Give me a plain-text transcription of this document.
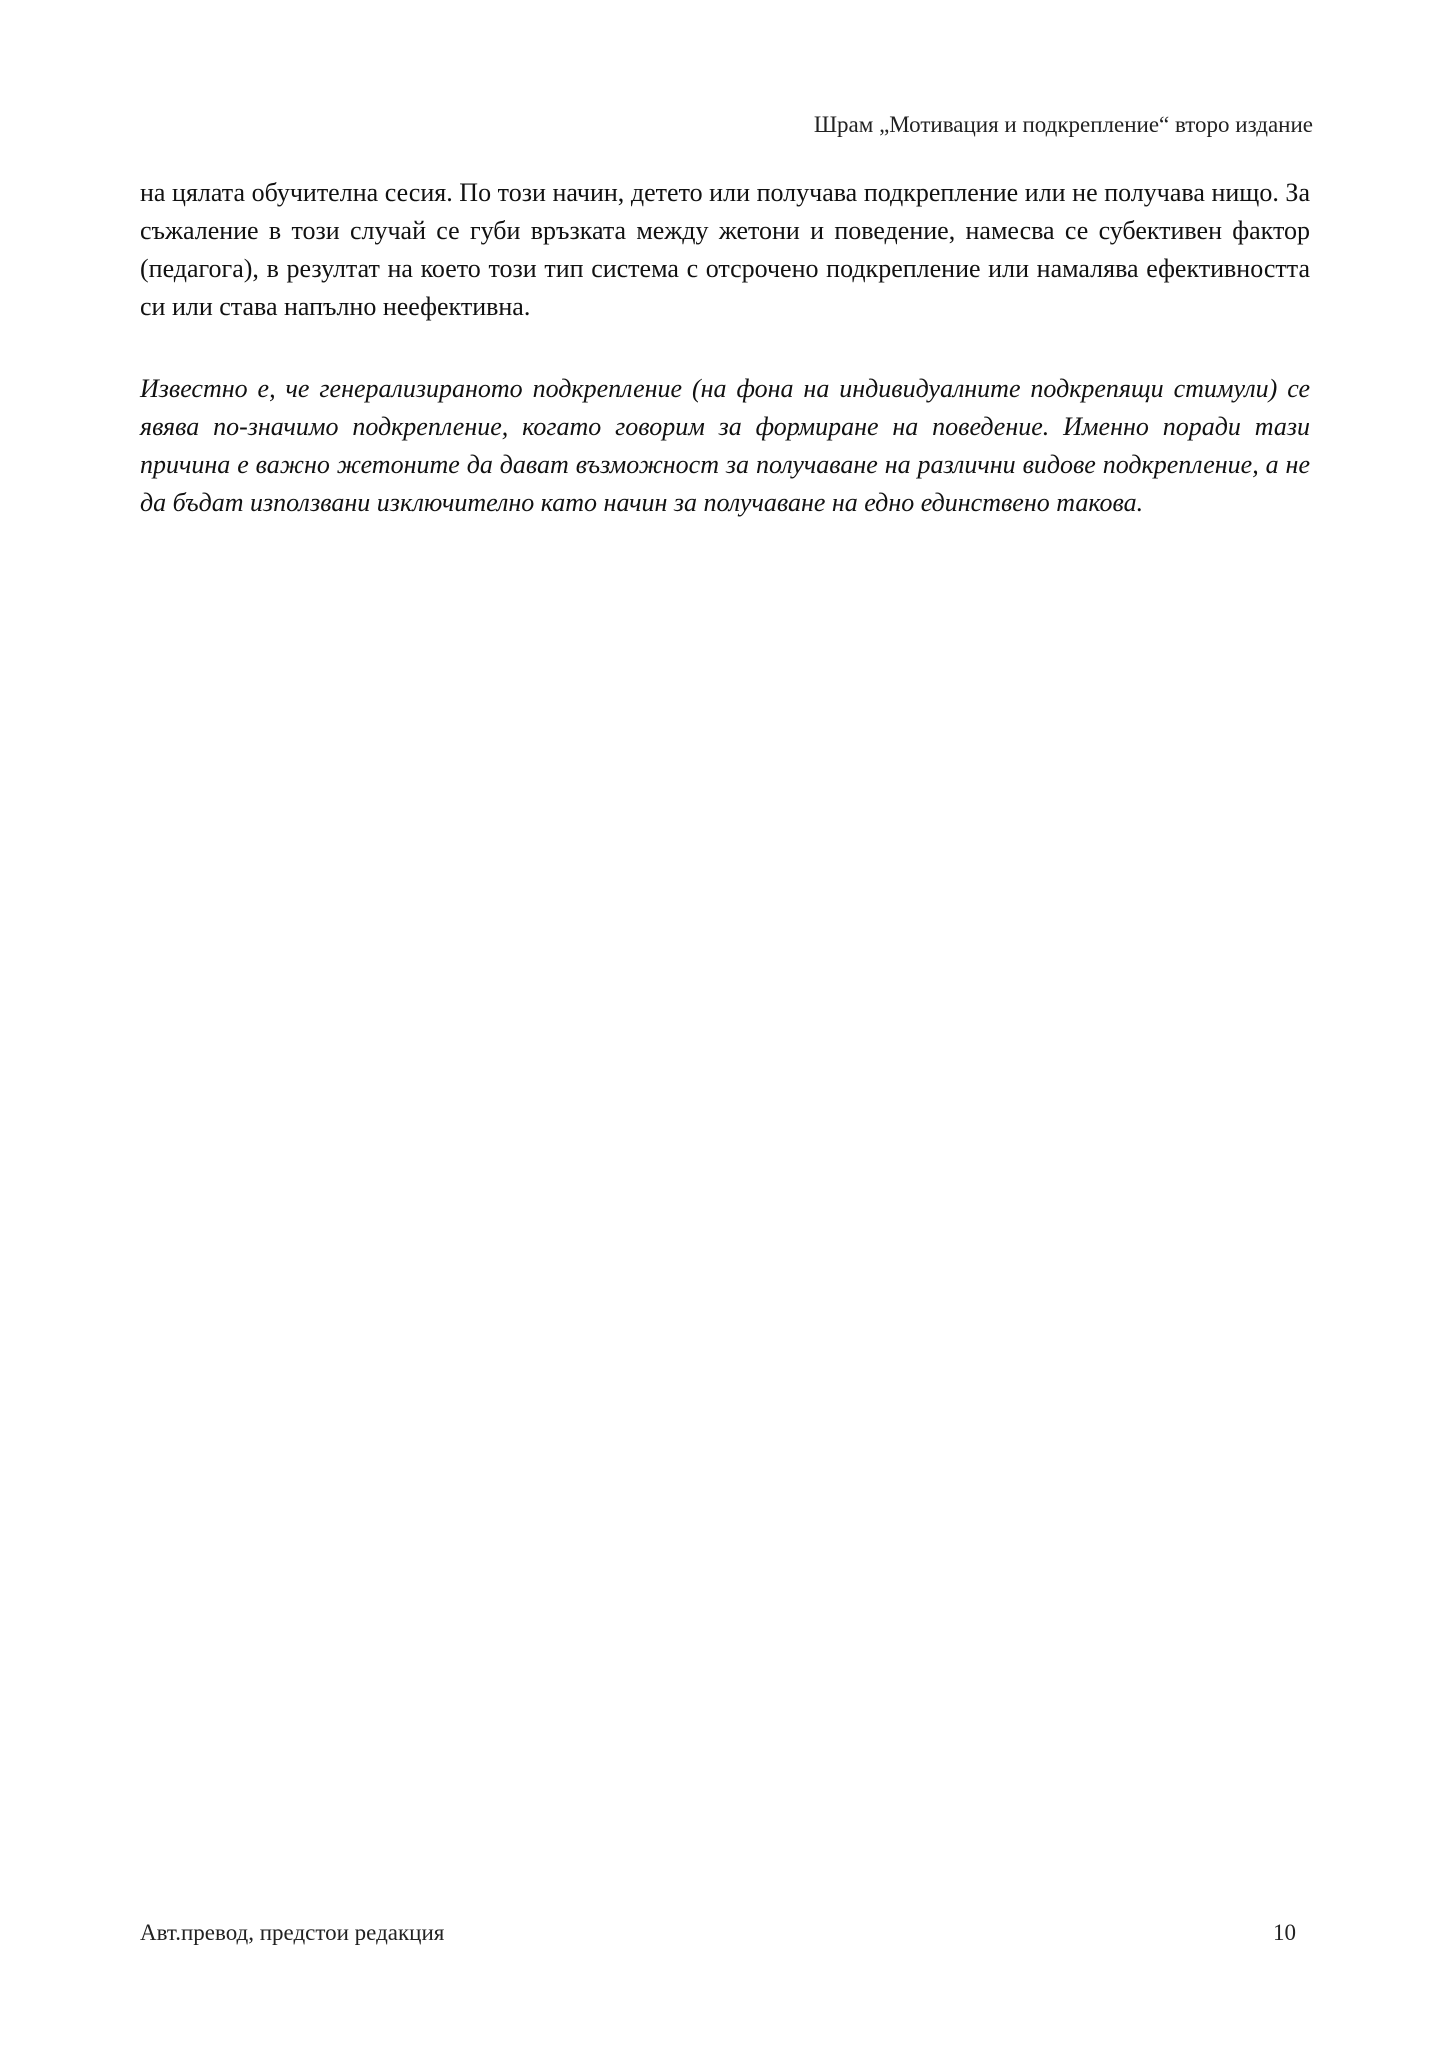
Шрам „Мотивация и подкрепление“ второ издание

на цялата обучителна сесия. По този начин, детето или получава подкрепление или не получава нищо. За съжаление в този случай се губи връзката между жетони и поведение, намесва се субективен фактор (педагога), в резултат на което този тип система с отсрочено подкрепление или намалява ефективността си или става напълно неефективна.

Известно е, че генерализираното подкрепление (на фона на индивидуалните подкрепящи стимули) се явява по-значимо подкрепление, когато говорим за формиране на поведение. Именно поради тази причина е важно жетоните да дават възможност за получаване на различни видове подкрепление, а не да бъдат използвани изключително като начин за получаване на едно единствено такова.

Авт.превод, предстои редакция	10
